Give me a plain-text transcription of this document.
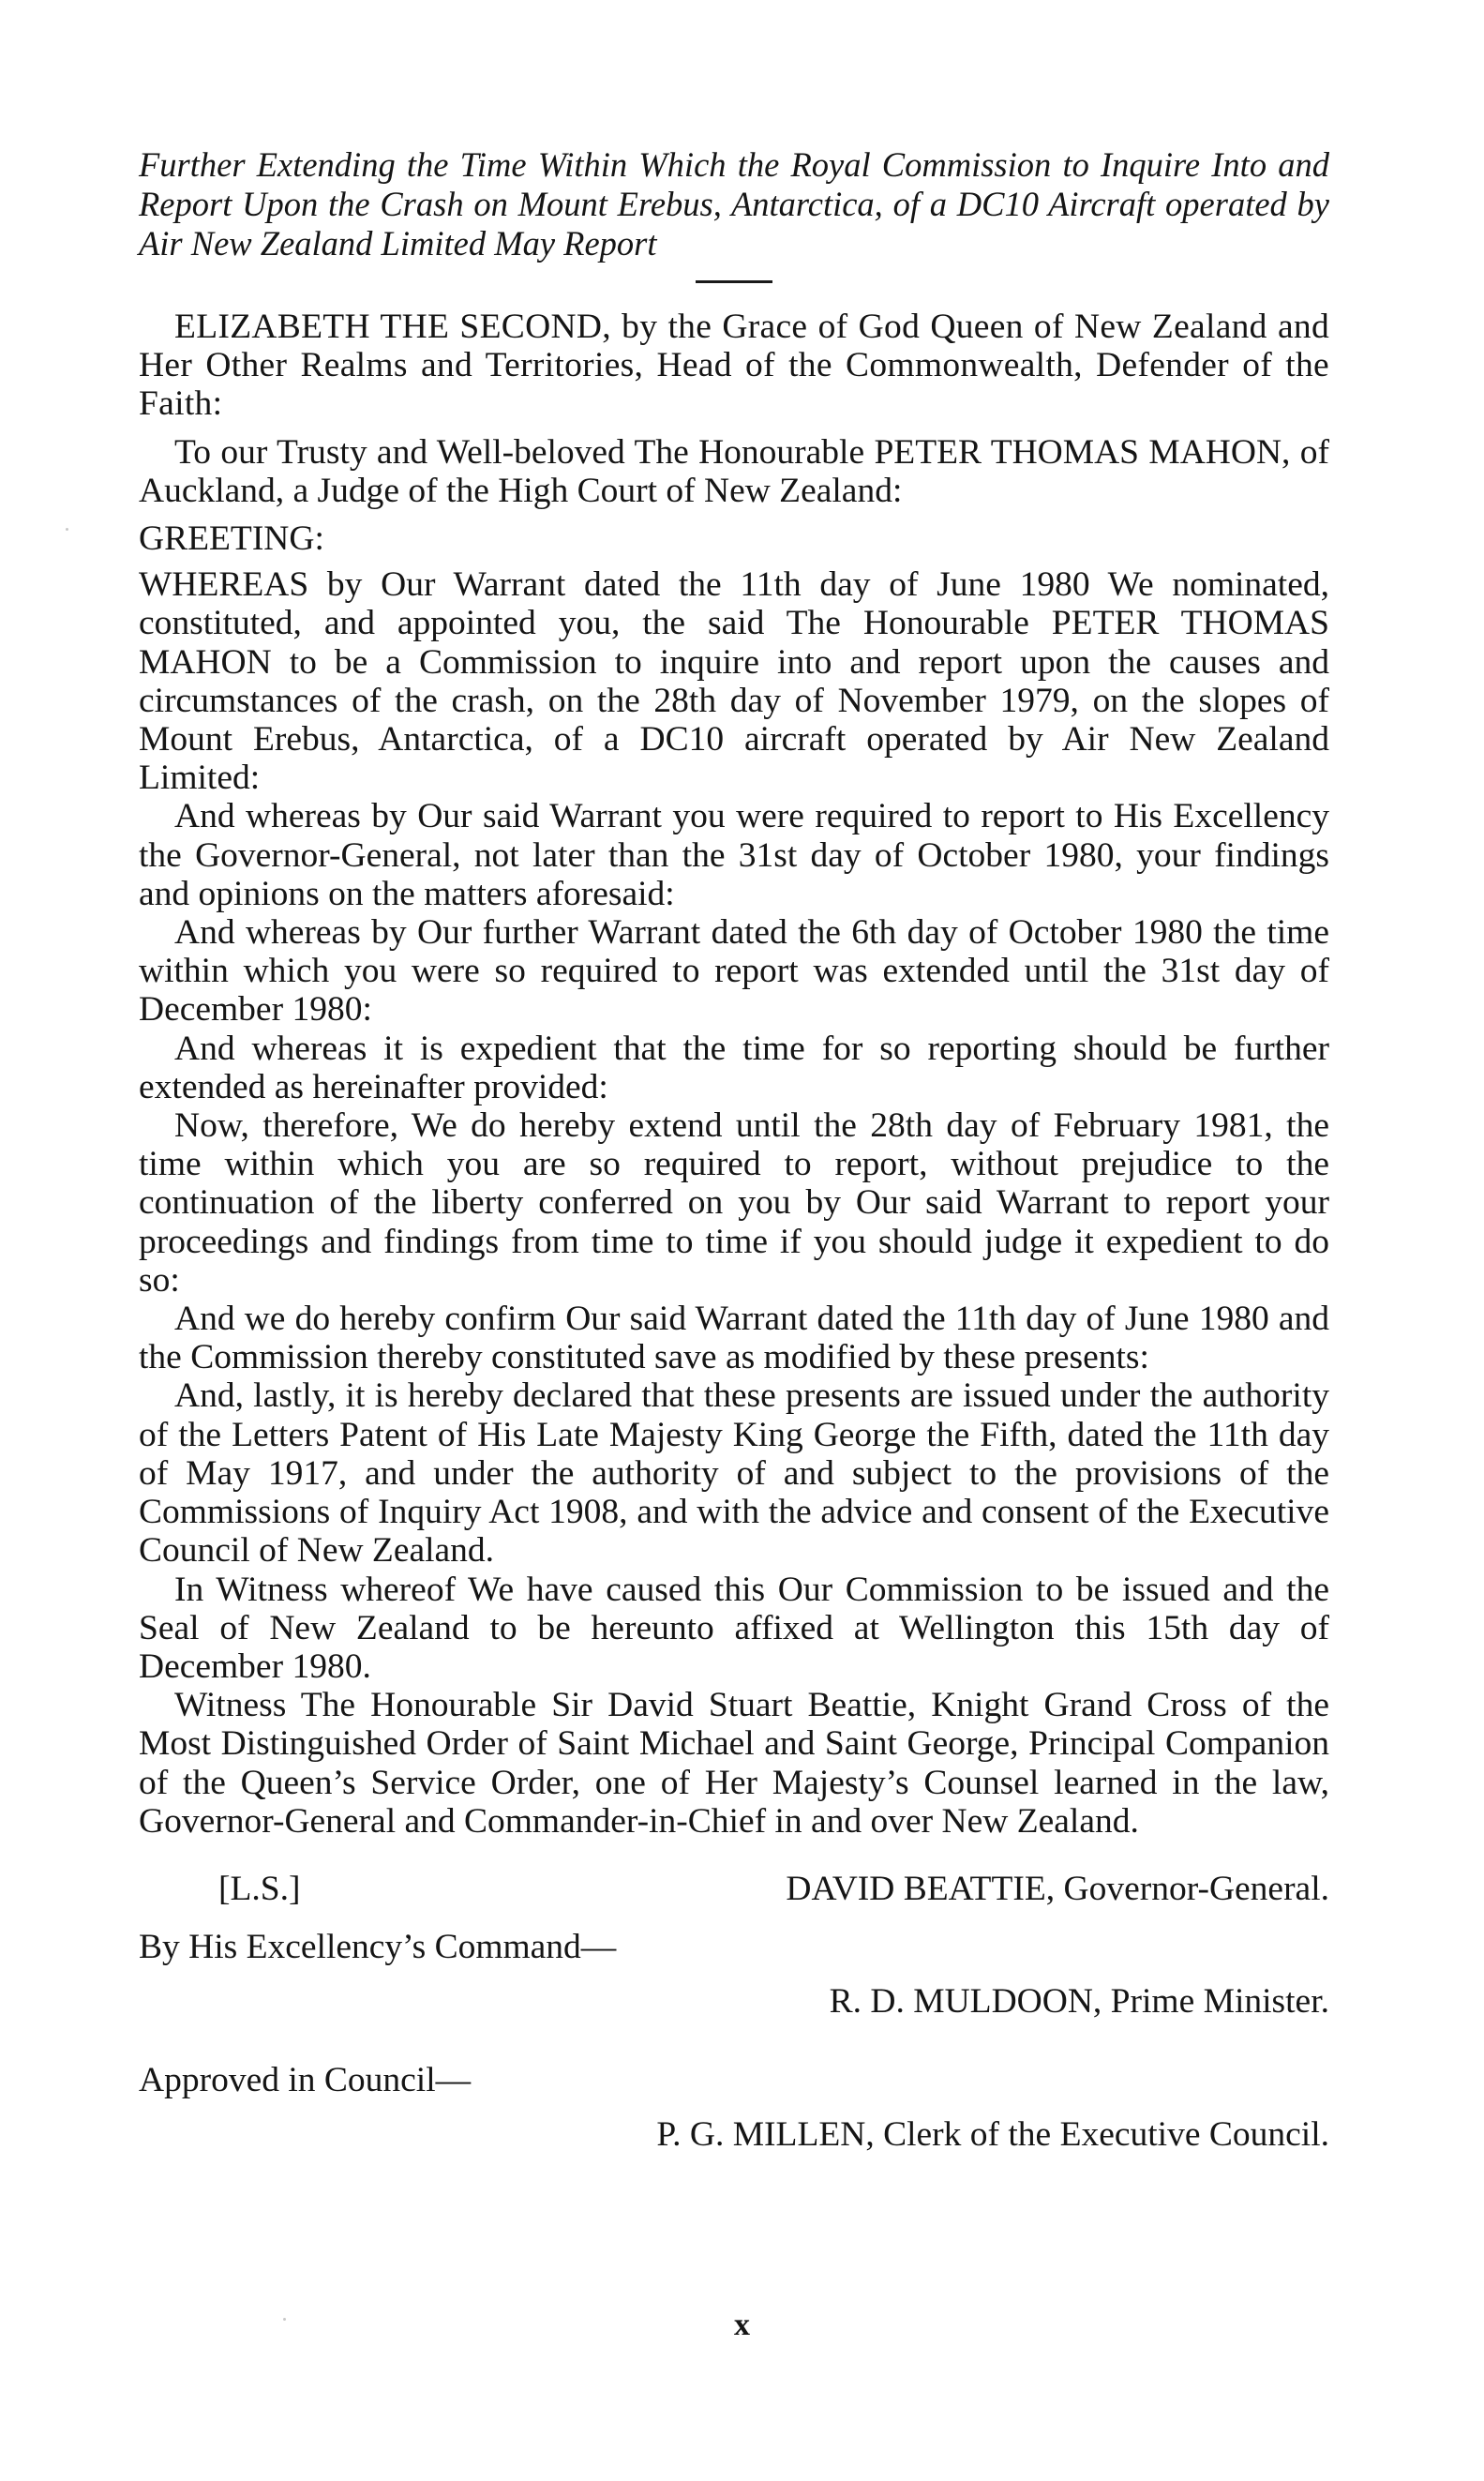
Further Extending the Time Within Which the Royal Commission to Inquire Into and Report Upon the Crash on Mount Erebus, Antarctica, of a DC10 Aircraft operated by Air New Zealand Limited May Report

ELIZABETH THE SECOND, by the Grace of God Queen of New Zealand and Her Other Realms and Territories, Head of the Commonwealth, Defender of the Faith:

To our Trusty and Well-beloved The Honourable PETER THOMAS MAHON, of Auckland, a Judge of the High Court of New Zealand:

GREETING:

WHEREAS by Our Warrant dated the 11th day of June 1980 We nominated, constituted, and appointed you, the said The Honourable PETER THOMAS MAHON to be a Commission to inquire into and report upon the causes and circumstances of the crash, on the 28th day of November 1979, on the slopes of Mount Erebus, Antarctica, of a DC10 aircraft operated by Air New Zealand Limited:

And whereas by Our said Warrant you were required to report to His Excellency the Governor-General, not later than the 31st day of October 1980, your findings and opinions on the matters aforesaid:

And whereas by Our further Warrant dated the 6th day of October 1980 the time within which you were so required to report was extended until the 31st day of December 1980:

And whereas it is expedient that the time for so reporting should be further extended as hereinafter provided:

Now, therefore, We do hereby extend until the 28th day of February 1981, the time within which you are so required to report, without prejudice to the continuation of the liberty conferred on you by Our said Warrant to report your proceedings and findings from time to time if you should judge it expedient to do so:

And we do hereby confirm Our said Warrant dated the 11th day of June 1980 and the Commission thereby constituted save as modified by these presents:

And, lastly, it is hereby declared that these presents are issued under the authority of the Letters Patent of His Late Majesty King George the Fifth, dated the 11th day of May 1917, and under the authority of and subject to the provisions of the Commissions of Inquiry Act 1908, and with the advice and consent of the Executive Council of New Zealand.

In Witness whereof We have caused this Our Commission to be issued and the Seal of New Zealand to be hereunto affixed at Wellington this 15th day of December 1980.

Witness The Honourable Sir David Stuart Beattie, Knight Grand Cross of the Most Distinguished Order of Saint Michael and Saint George, Principal Companion of the Queen’s Service Order, one of Her Majesty’s Counsel learned in the law, Governor-General and Commander-in-Chief in and over New Zealand.

[L.S.]	DAVID BEATTIE, Governor-General.
By His Excellency’s Command—
R. D. MULDOON, Prime Minister.
Approved in Council—
P. G. MILLEN, Clerk of the Executive Council.
x
